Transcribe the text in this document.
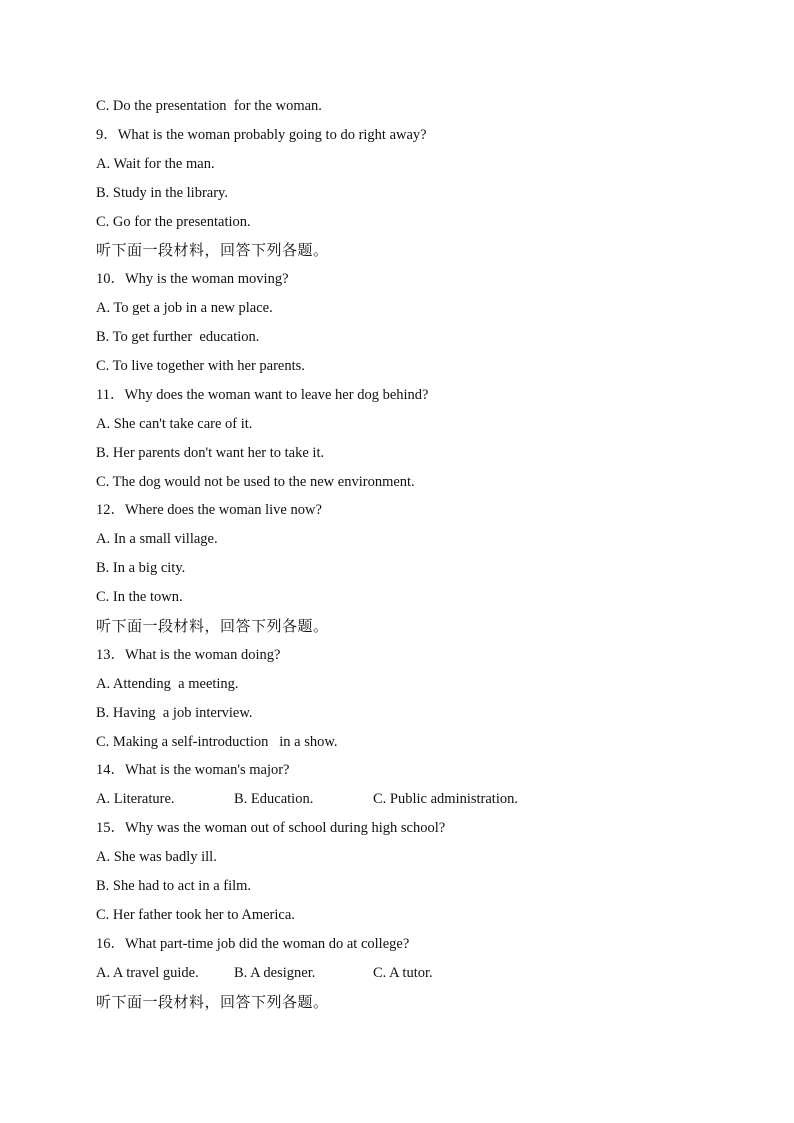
C. Do the presentation  for the woman.
9．What is the woman probably going to do right away?
A. Wait for the man.
B. Study in the library.
C. Go for the presentation.
听下面一段材料，回答下列各题。
10．Why is the woman moving?
A. To get a job in a new place.
B. To get further  education.
C. To live together with her parents.
11．Why does the woman want to leave her dog behind?
A. She can't take care of it.
B. Her parents don't want her to take it.
C. The dog would not be used to the new environment.
12．Where does the woman live now?
A. In a small village.
B. In a big city.
C. In the town.
听下面一段材料，回答下列各题。
13．What is the woman doing?
A. Attending  a meeting.
B. Having  a job interview.
C. Making a self-introduction   in a show.
14．What is the woman's major?
A. Literature.	B. Education.	C. Public administration.
15．Why was the woman out of school during high school?
A. She was badly ill.
B. She had to act in a film.
C. Her father took her to America.
16．What part-time job did the woman do at college?
A. A travel guide.	B. A designer.	C. A tutor.
听下面一段材料，回答下列各题。
